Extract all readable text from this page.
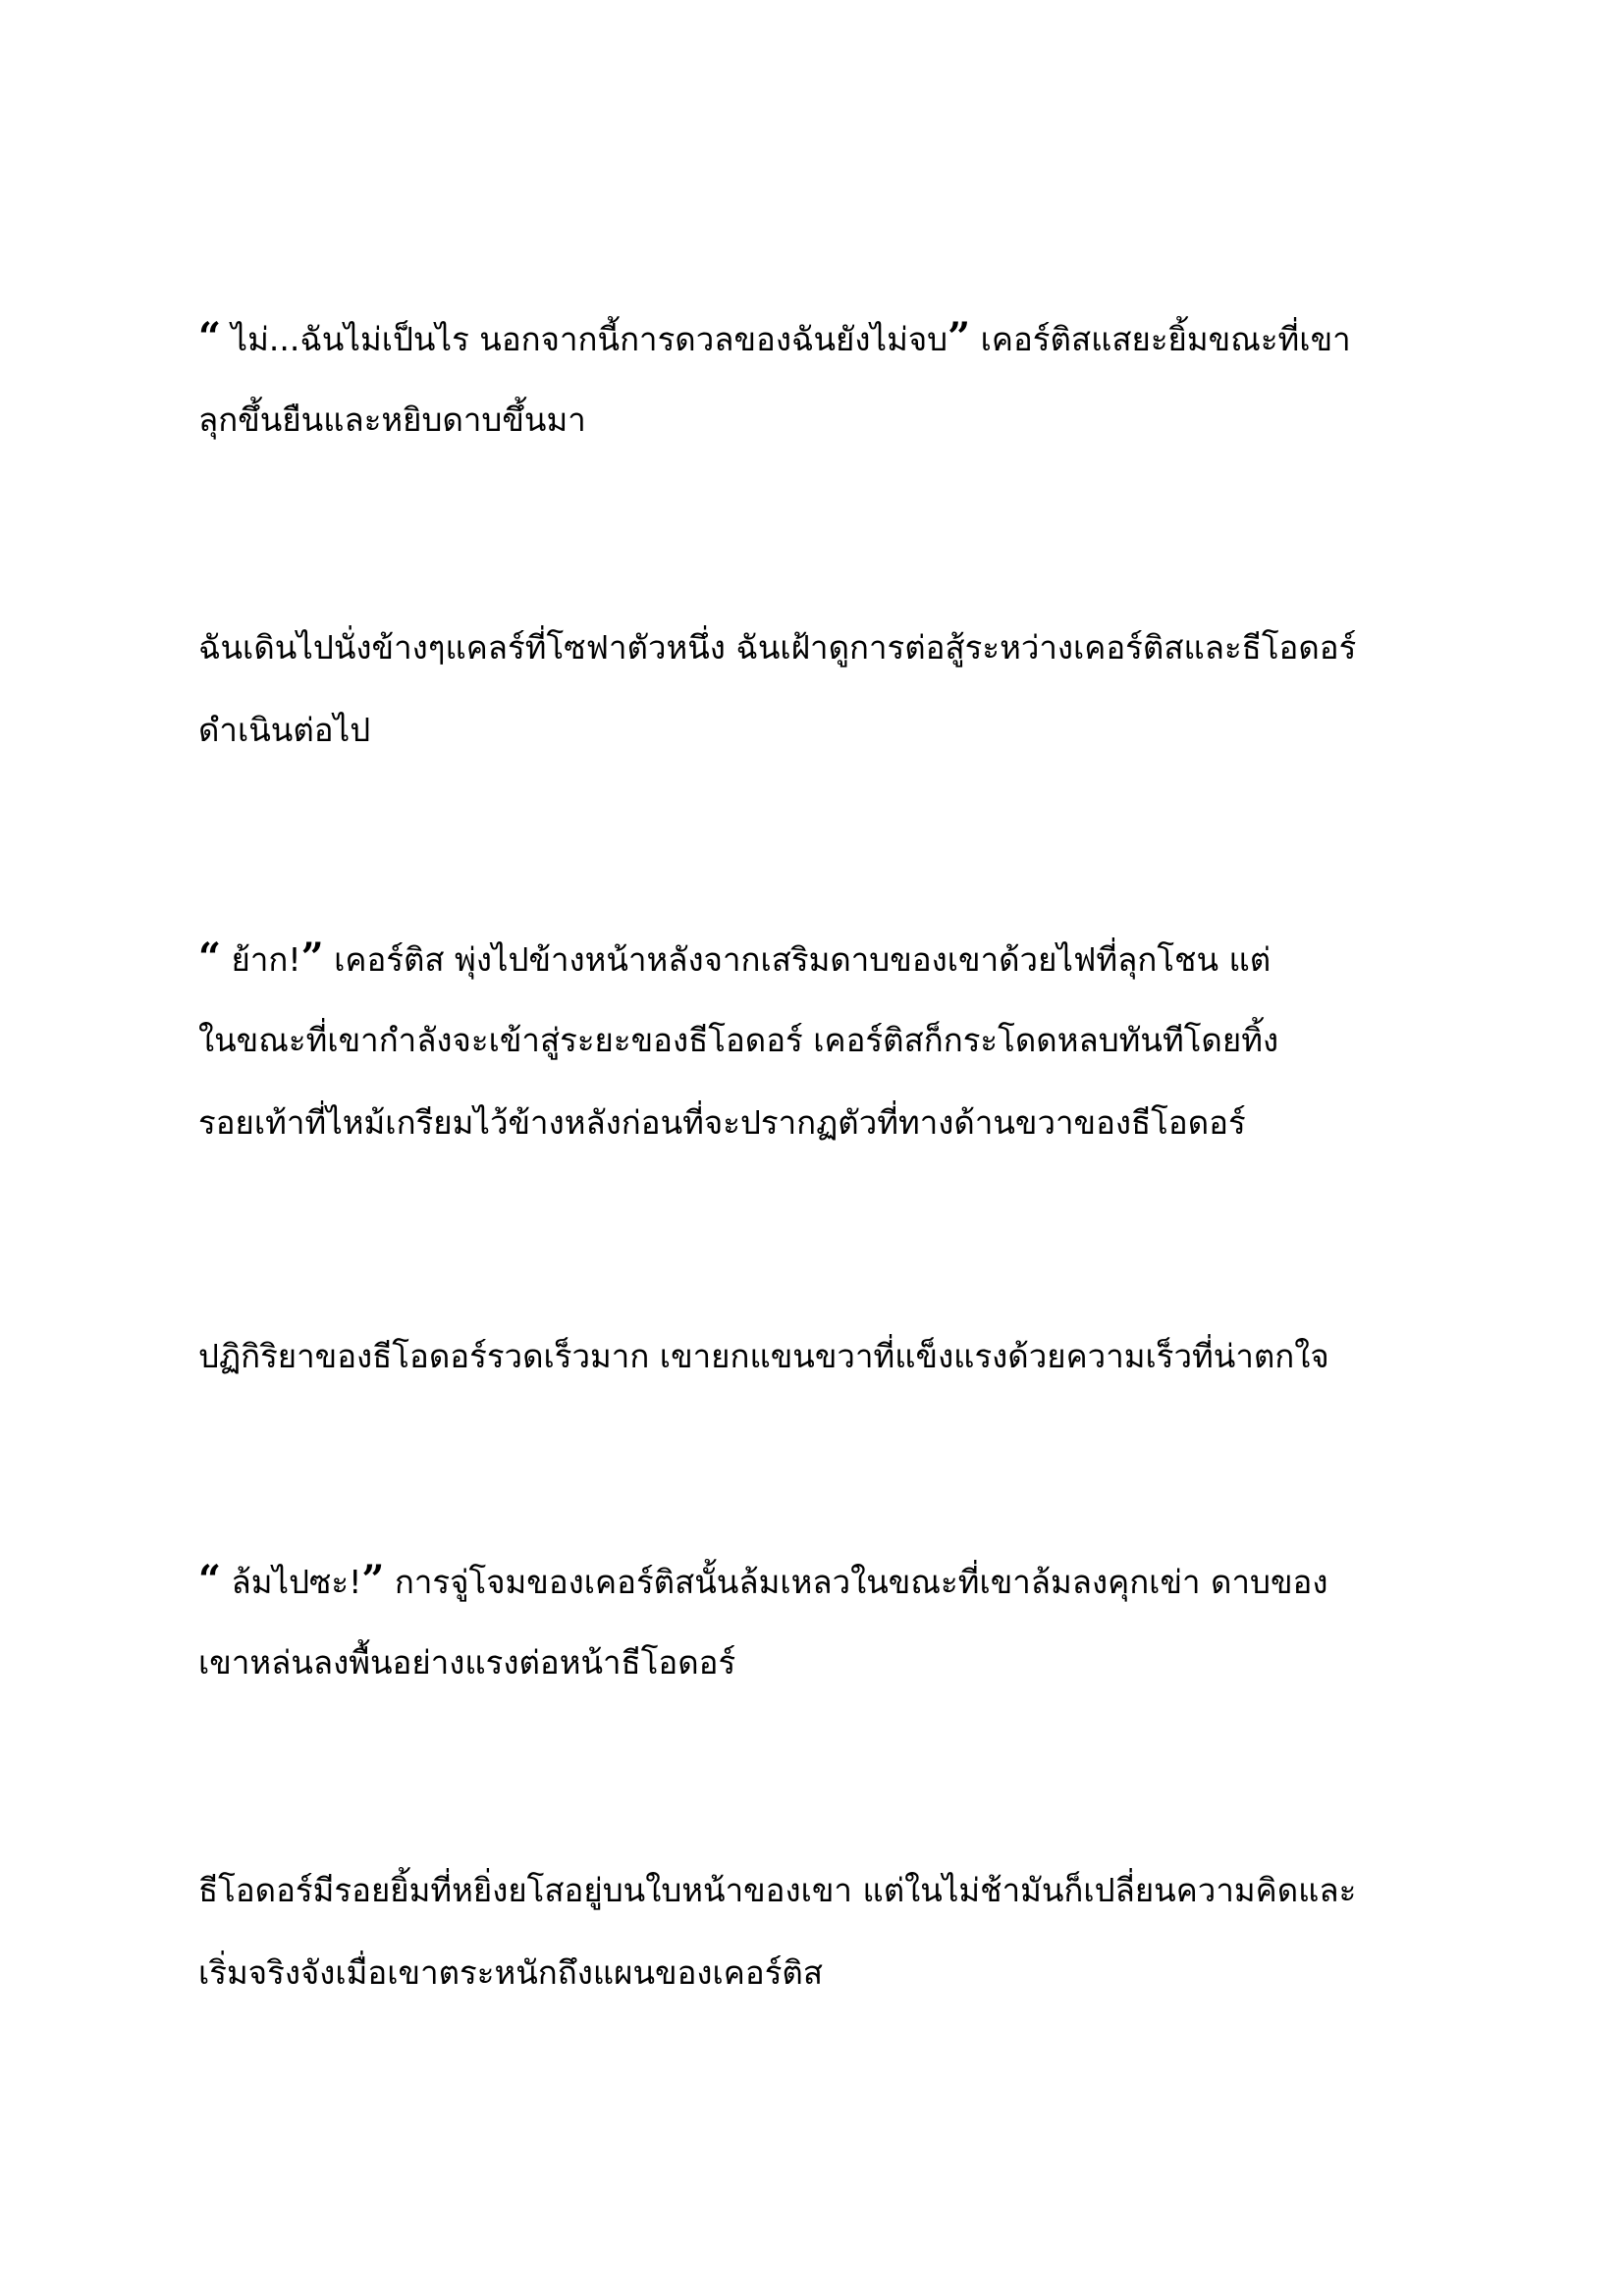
“ ไม่...ฉันไม่เป็นไร นอกจากนี้การดวลของฉันยังไม่จบ” เคอร์ติสแสยะยิ้มขณะที่เขา
ลุกขึ้นยืนและหยิบดาบขึ้นมา
ฉันเดินไปนั่งข้างๆแคลร์ที่โซฟาตัวหนึ่ง ฉันเฝ้าดูการต่อสู้ระหว่างเคอร์ติสและธีโอดอร์
ดำเนินต่อไป
“ ย้าก!” เคอร์ติส พุ่งไปข้างหน้าหลังจากเสริมดาบของเขาด้วยไฟที่ลุกโชน แต่
ในขณะที่เขากำลังจะเข้าสู่ระยะของธีโอดอร์ เคอร์ติสก็กระโดดหลบทันทีโดยทิ้ง
รอยเท้าที่ไหม้เกรียมไว้ข้างหลังก่อนที่จะปรากฏตัวที่ทางด้านขวาของธีโอดอร์
ปฏิกิริยาของธีโอดอร์รวดเร็วมาก เขายกแขนขวาที่แข็งแรงด้วยความเร็วที่น่าตกใจ
“ ล้มไปซะ!” การจู่โจมของเคอร์ติสนั้นล้มเหลวในขณะที่เขาล้มลงคุกเข่า ดาบของ
เขาหล่นลงพื้นอย่างแรงต่อหน้าธีโอดอร์
ธีโอดอร์มีรอยยิ้มที่หยิ่งยโสอยู่บนใบหน้าของเขา แต่ในไม่ช้ามันก็เปลี่ยนความคิดและ
เริ่มจริงจังเมื่อเขาตระหนักถึงแผนของเคอร์ติส
